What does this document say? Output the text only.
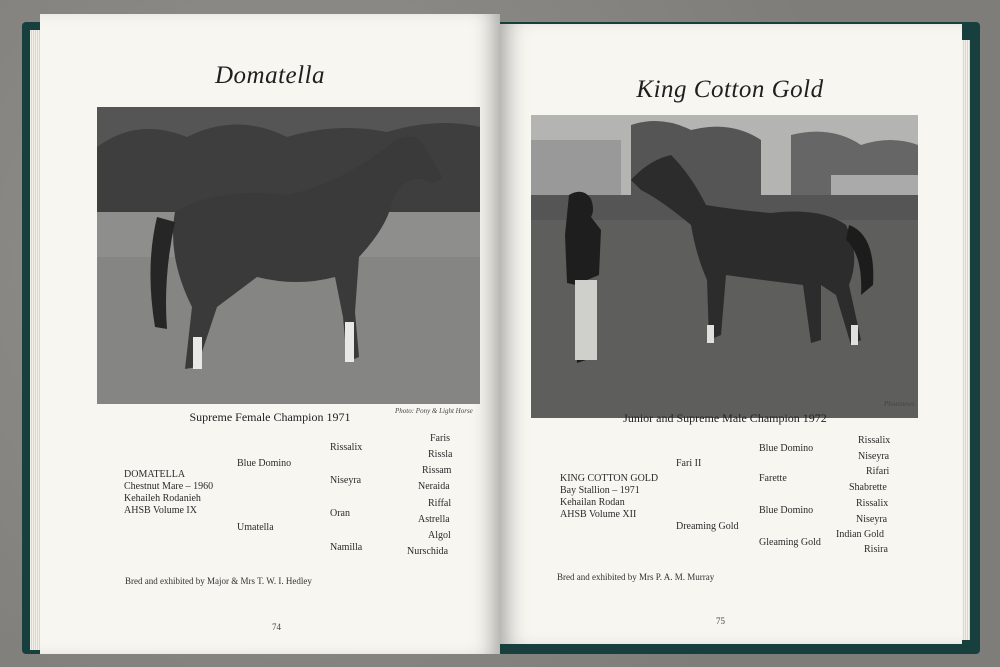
Domatella
Photo: Pony & Light Horse
Supreme Female Champion 1971
DOMATELLA
Chestnut Mare – 1960
Kehaileh Rodanieh
AHSB Volume IX
Blue Domino
Umatella
Rissalix
Niseyra
Oran
Namilla
Faris
Rissla
Rissam
Neraida
Riffal
Astrella
Algol
Nurschida
Bred and exhibited by Major & Mrs T. W. I. Hedley
74
King Cotton Gold
Photonews
Junior and Supreme Male Champion 1972
KING COTTON GOLD
Bay Stallion – 1971
Kehailan Rodan
AHSB Volume XII
Fari II
Dreaming Gold
Blue Domino
Farette
Blue Domino
Gleaming Gold
Rissalix
Niseyra
Rifari
Shabrette
Rissalix
Niseyra
Indian Gold
Risira
Bred and exhibited by Mrs P. A. M. Murray
75
